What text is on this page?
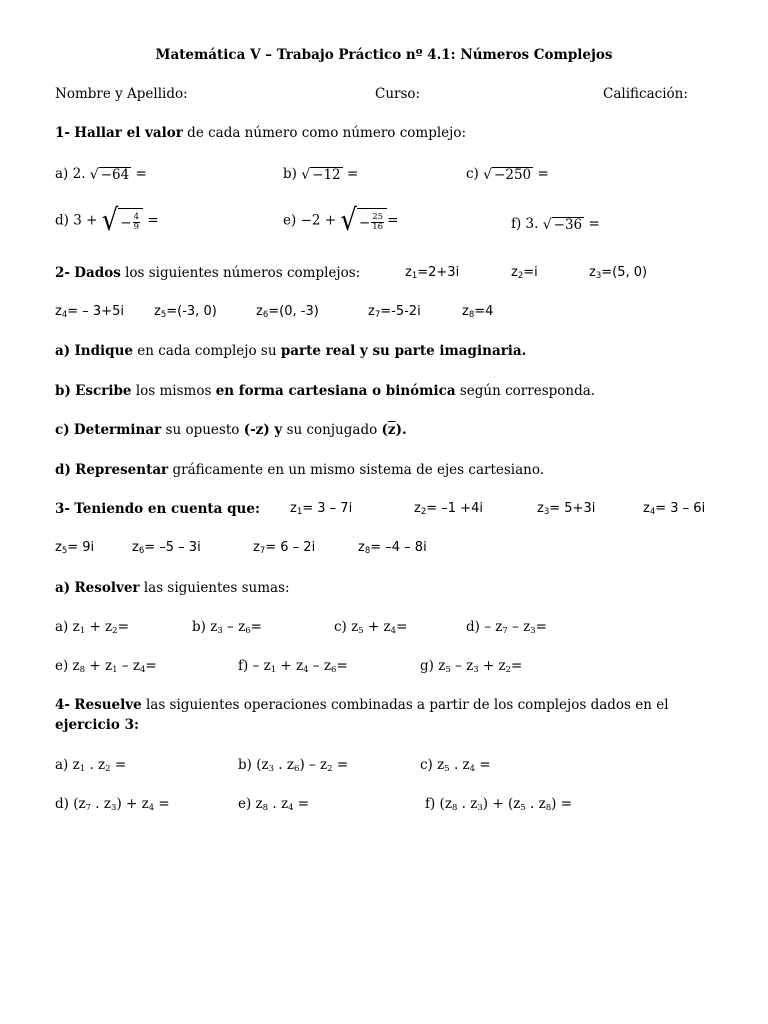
Matemática V – Trabajo Práctico nº 4.1: Números Complejos
Nombre y Apellido:	Curso:	Calificación:
1- Hallar el valor de cada número como número complejo:
a) 2. √ −64 =	b) √ −12 =	c) √ −250 =
d) 3 + √ − $\frac{4}{9}$ =	e) −2 + √ − $\frac{25}{16}$ =	f) 3. √ −36 =
2- Dados los siguientes números complejos:	$z_1=2+3i$	$z_2=i$	$z_3=(5$, 0)
$z_4= - 3+5i$ $z_5=(-3$, 0)	$z_6=(0$, -3)	$z_7=-5-2i$	$z_8=4$
a) Indique en cada complejo su parte real y su parte imaginaria.
b) Escribe los mismos en forma cartesiana o binómica según corresponda.
c) Determinar su opuesto (-z) y su conjugado $(\overline{z})$.
d) Representar gráficamente en un mismo sistema de ejes cartesiano.
3- Teniendo en cuenta que: $z_1= 3 - 7i$	$z_2= -1 +4i$	$z_3= 5+3i$	$z_4= 3 - 6i$
$z_5= 9i$	$z_6= -5 - 3i$	$z_7= 6 - 2i$	$z_8= -4 - 8i$
a) Resolver las siguientes sumas:
a) $z_1 + z_2=$	b) $z_3 - z_6=$	c) $z_5 + z_4=$	$d) - z_7 - z_3=$
e) $z_8 + z_1 - z_4=$	$f) - z_1 + z_4 - z_6=$	g) $z_5 - z_3 + z_2=$
4- Resuelve las siguientes operaciones combinadas a partir de los complejos dados en el
ejercicio 3:
a) $z_1$ . $z_2$ =	b) ($z_3$ . $z_6) - z_2$ =	c) $z_5$ . $z_4$ =
d) ($z_7$ . $z_3) + z_4$ =	e) $z_8$ . $z_4$ =	f) ($z_8$ . $z_3) + (z_5$ . $z_8$) =
